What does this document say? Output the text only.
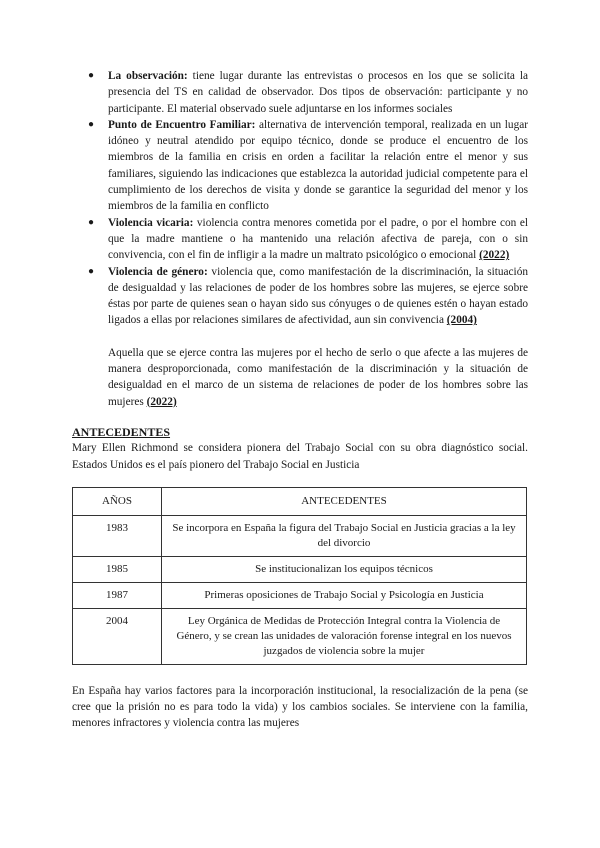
● La observación: tiene lugar durante las entrevistas o procesos en los que se solicita la presencia del TS en calidad de observador. Dos tipos de observación: participante y no participante. El material observado suele adjuntarse en los informes sociales
● Punto de Encuentro Familiar: alternativa de intervención temporal, realizada en un lugar idóneo y neutral atendido por equipo técnico, donde se produce el encuentro de los miembros de la familia en crisis en orden a facilitar la relación entre el menor y sus familiares, siguiendo las indicaciones que establezca la autoridad judicial competente para el cumplimiento de los derechos de visita y donde se garantice la seguridad del menor y los miembros de la familia en conflicto
● Violencia vicaria: violencia contra menores cometida por el padre, o por el hombre con el que la madre mantiene o ha mantenido una relación afectiva de pareja, con o sin convivencia, con el fin de infligir a la madre un maltrato psicológico o emocional (2022)
● Violencia de género: violencia que, como manifestación de la discriminación, la situación de desigualdad y las relaciones de poder de los hombres sobre las mujeres, se ejerce sobre éstas por parte de quienes sean o hayan sido sus cónyuges o de quienes estén o hayan estado ligados a ellas por relaciones similares de afectividad, aun sin convivencia (2004)

Aquella que se ejerce contra las mujeres por el hecho de serlo o que afecte a las mujeres de manera desproporcionada, como manifestación de la discriminación y la situación de desigualdad en el marco de un sistema de relaciones de poder de los hombres sobre las mujeres (2022)

ANTECEDENTES

Mary Ellen Richmond se considera pionera del Trabajo Social con su obra diagnóstico social. Estados Unidos es el país pionero del Trabajo Social en Justicia

AÑOS	ANTECEDENTES
1983	Se incorpora en España la figura del Trabajo Social en Justicia gracias a la ley del divorcio
1985	Se institucionalizan los equipos técnicos
1987	Primeras oposiciones de Trabajo Social y Psicología en Justicia
2004	Ley Orgánica de Medidas de Protección Integral contra la Violencia de Género, y se crean las unidades de valoración forense integral en los nuevos juzgados de violencia sobre la mujer

En España hay varios factores para la incorporación institucional, la resocialización de la pena (se cree que la prisión no es para todo la vida) y los cambios sociales. Se interviene con la familia, menores infractores y violencia contra las mujeres
